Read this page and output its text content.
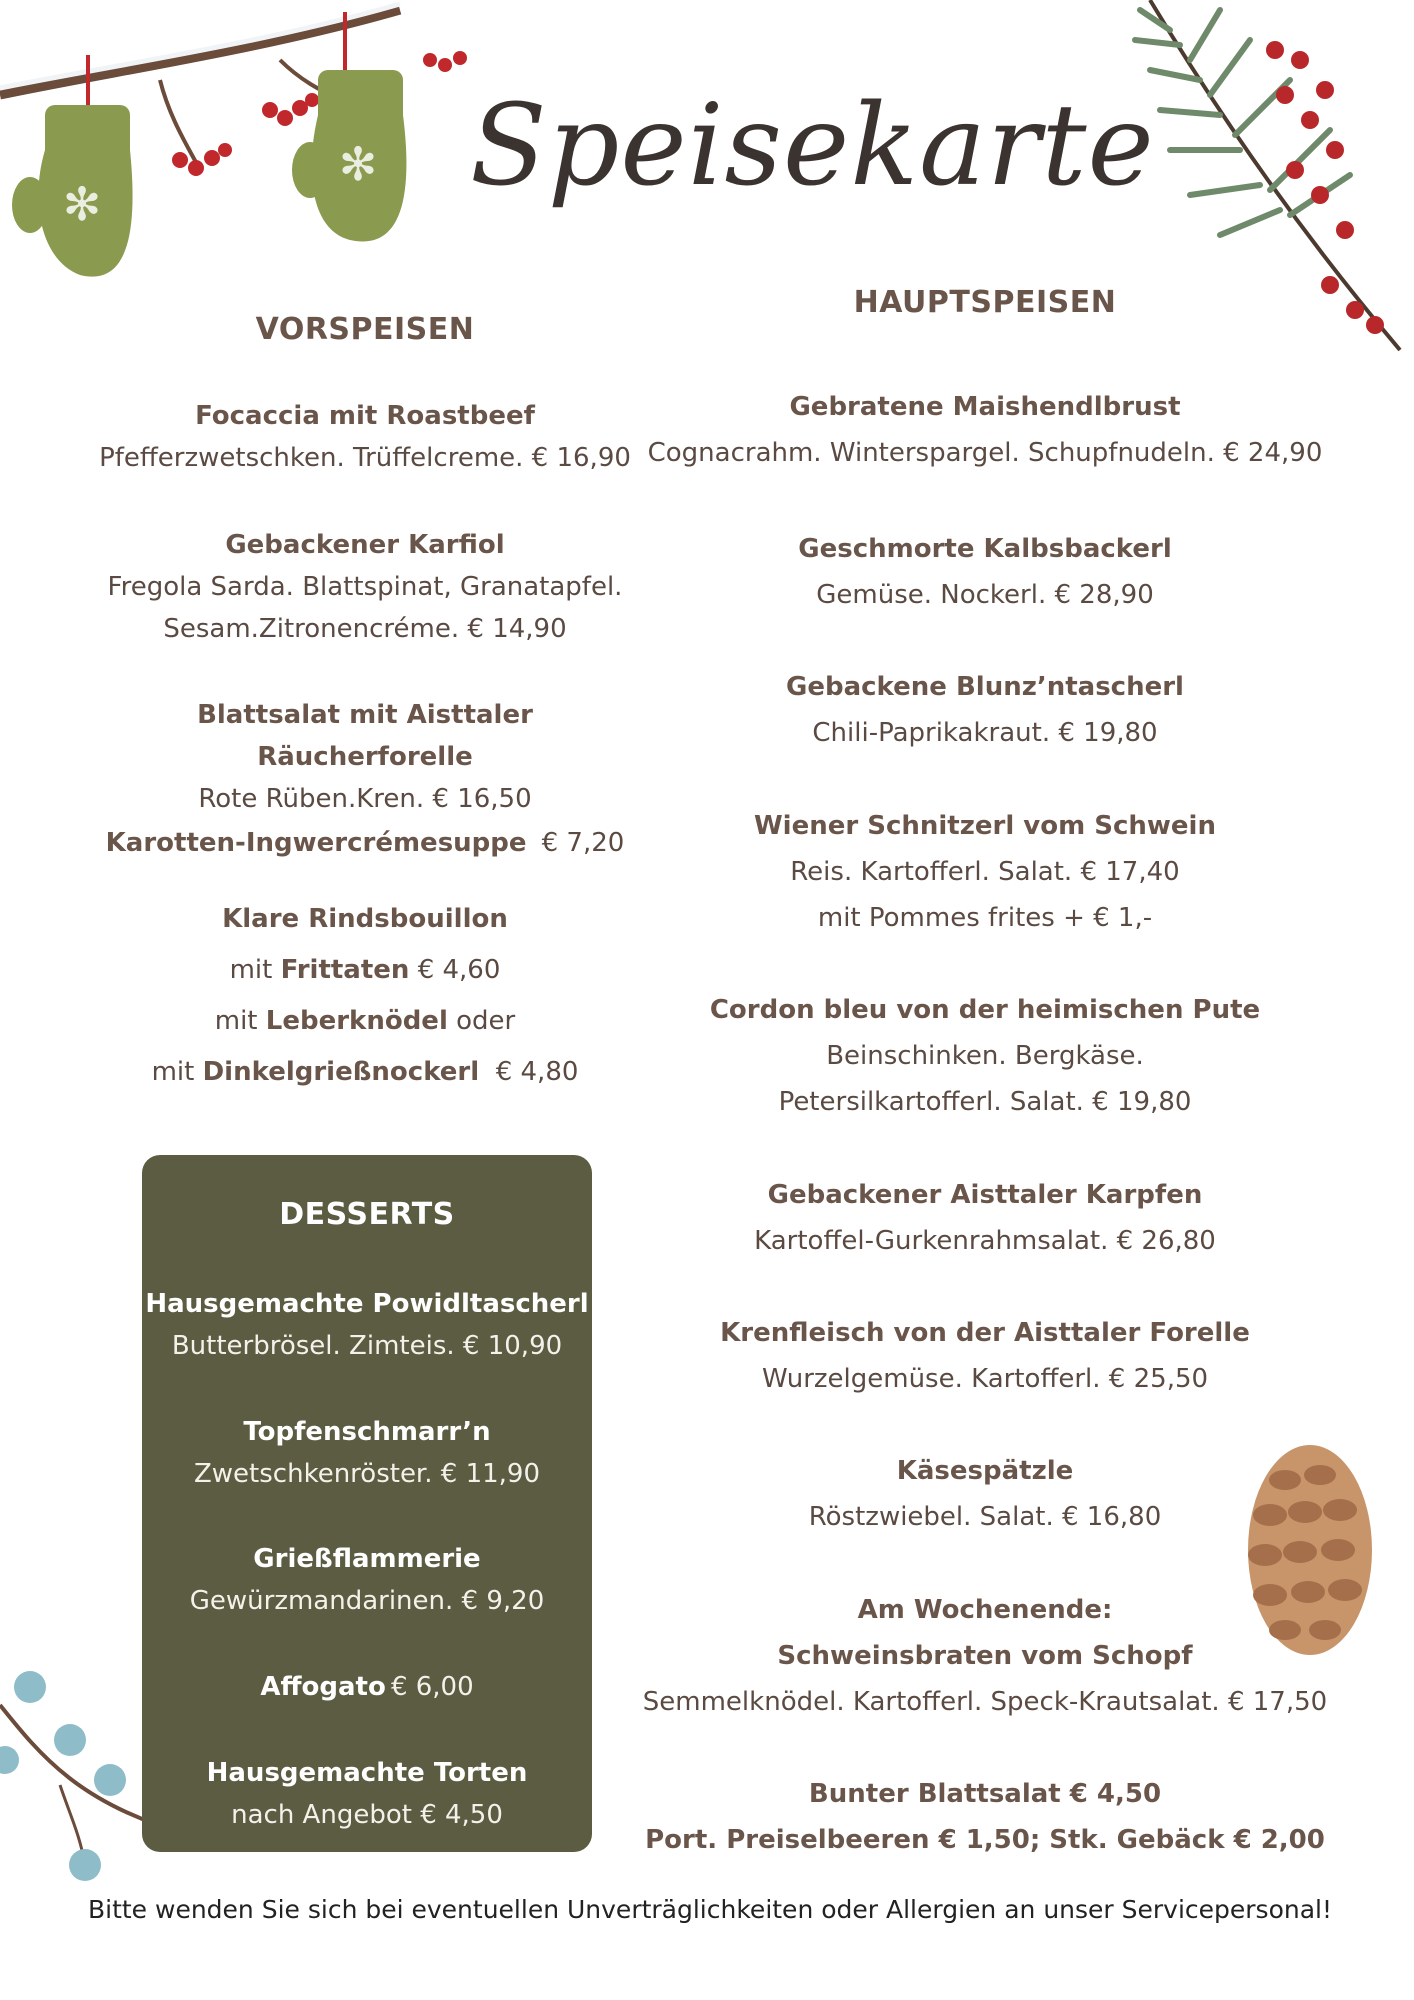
✻
✻ Speisekarte
VORSPEISEN
Focaccia mit Roastbeef
Pfefferzwetschken. Trüffelcreme. € 16,90
Gebackener Karfiol
Fregola Sarda. Blattspinat, Granatapfel.
Sesam.Zitronencréme. € 14,90
Blattsalat mit Aisttaler Räucherforelle
Rote Rüben.Kren. € 16,50
Karotten-Ingwercrémesuppe € 7,20
Klare Rindsbouillon
mit Frittaten € 4,60
mit Leberknödel oder
mit Dinkelgrießnockerl € 4,80
DESSERTS
Hausgemachte Powidltascherl
Butterbrösel. Zimteis. € 10,90
Topfenschmarr’n
Zwetschkenröster. € 11,90
Grießflammerie
Gewürzmandarinen. € 9,20
Affogato € 6,00
Hausgemachte Torten
nach Angebot € 4,50
HAUPTSPEISEN
Gebratene Maishendlbrust
Cognacrahm. Winterspargel. Schupfnudeln. € 24,90
Geschmorte Kalbsbackerl
Gemüse. Nockerl. € 28,90
Gebackene Blunz’ntascherl
Chili-Paprikakraut. € 19,80
Wiener Schnitzerl vom Schwein
Reis. Kartofferl. Salat. € 17,40
mit Pommes frites + € 1,-
Cordon bleu von der heimischen Pute
Beinschinken. Bergkäse.
Petersilkartofferl. Salat. € 19,80
Gebackener Aisttaler Karpfen
Kartoffel-Gurkenrahmsalat. € 26,80
Krenfleisch von der Aisttaler Forelle
Wurzelgemüse. Kartofferl. € 25,50
Käsespätzle
Röstzwiebel. Salat. € 16,80
Am Wochenende:
Schweinsbraten vom Schopf
Semmelknödel. Kartofferl. Speck-Krautsalat. € 17,50
Bunter Blattsalat € 4,50
Port. Preiselbeeren € 1,50; Stk. Gebäck € 2,00
Bitte wenden Sie sich bei eventuellen Unverträglichkeiten oder Allergien an unser Servicepersonal!
